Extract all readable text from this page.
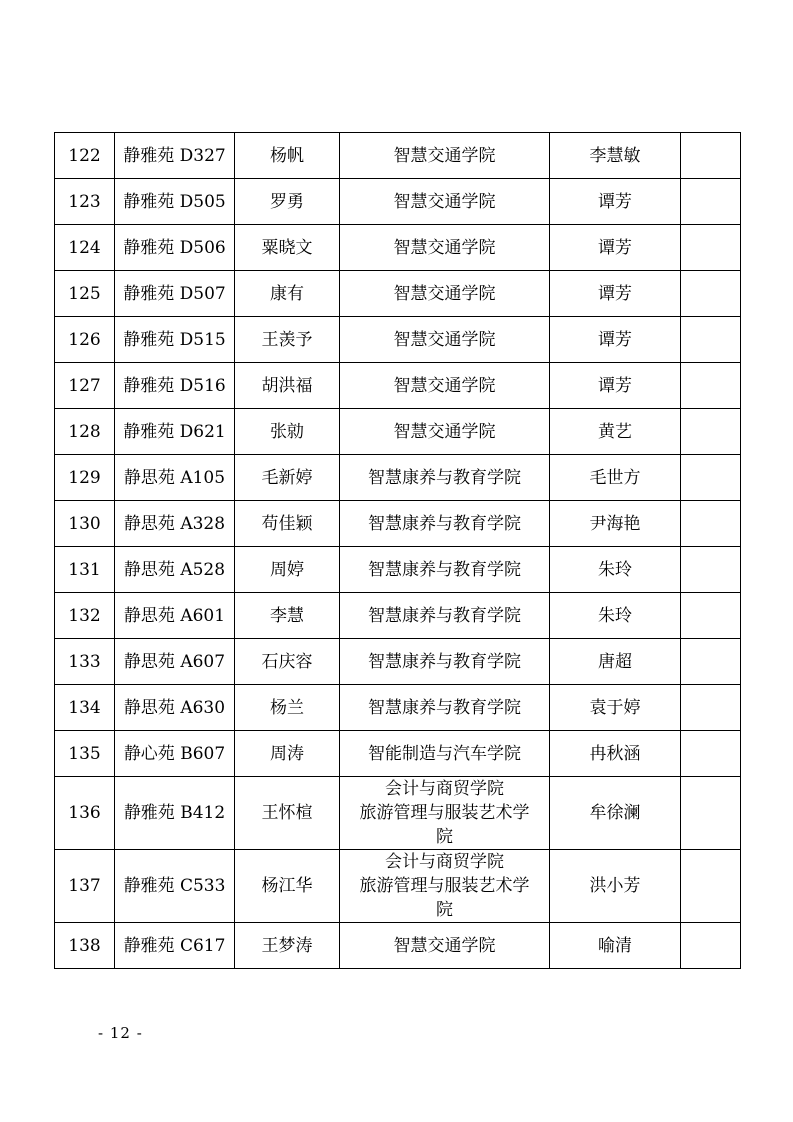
122	静雅苑 D327	杨帆	智慧交通学院	李慧敏	
123	静雅苑 D505	罗勇	智慧交通学院	谭芳	
124	静雅苑 D506	粟晓文	智慧交通学院	谭芳	
125	静雅苑 D507	康有	智慧交通学院	谭芳	
126	静雅苑 D515	王羡予	智慧交通学院	谭芳	
127	静雅苑 D516	胡洪福	智慧交通学院	谭芳	
128	静雅苑 D621	张勍	智慧交通学院	黄艺	
129	静思苑 A105	毛新婷	智慧康养与教育学院	毛世方	
130	静思苑 A328	苟佳颖	智慧康养与教育学院	尹海艳	
131	静思苑 A528	周婷	智慧康养与教育学院	朱玲	
132	静思苑 A601	李慧	智慧康养与教育学院	朱玲	
133	静思苑 A607	石庆容	智慧康养与教育学院	唐超	
134	静思苑 A630	杨兰	智慧康养与教育学院	袁于婷	
135	静心苑 B607	周涛	智能制造与汽车学院	冉秋涵	
136	静雅苑 B412	王怀楦	会计与商贸学院
旅游管理与服装艺术学
院	牟徐澜	
137	静雅苑 C533	杨江华	会计与商贸学院
旅游管理与服装艺术学
院	洪小芳	
138	静雅苑 C617	王梦涛	智慧交通学院	喻清	
- 12 -
